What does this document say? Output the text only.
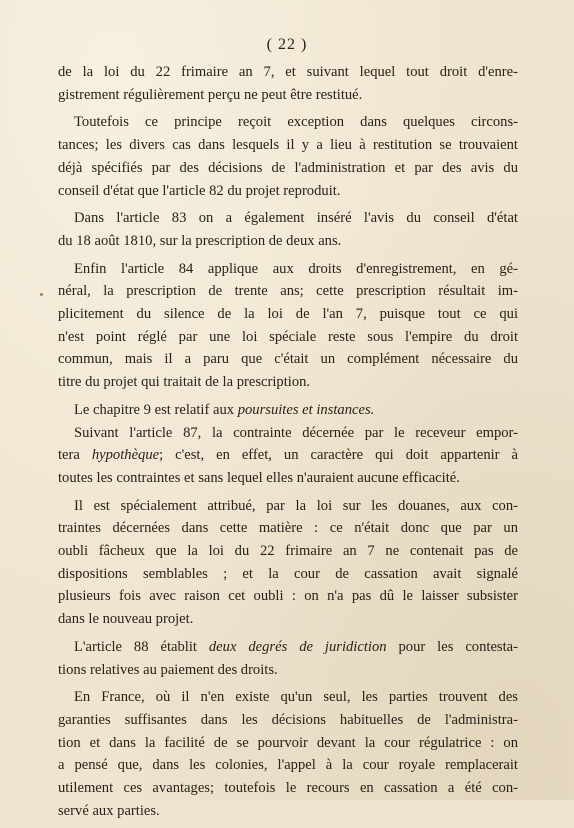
( 22 )

de la loi du 22 frimaire an 7, et suivant lequel tout droit d'enre-
gistrement régulièrement perçu ne peut être restitué.

Toutefois ce principe reçoit exception dans quelques circons-
tances; les divers cas dans lesquels il y a lieu à restitution se trouvaient
déjà spécifiés par des décisions de l'administration et par des avis du
conseil d'état que l'article 82 du projet reproduit.

Dans l'article 83 on a également inséré l'avis du conseil d'état
du 18 août 1810, sur la prescription de deux ans.

Enfin l'article 84 applique aux droits d'enregistrement, en gé-
néral, la prescription de trente ans; cette prescription résultait im-
plicitement du silence de la loi de l'an 7, puisque tout ce qui
n'est point réglé par une loi spéciale reste sous l'empire du droit
commun, mais il a paru que c'était un complément nécessaire du
titre du projet qui traitait de la prescription.

Le chapitre 9 est relatif aux poursuites et instances.
Suivant l'article 87, la contrainte décernée par le receveur empor-
tera hypothèque; c'est, en effet, un caractère qui doit appartenir à
toutes les contraintes et sans lequel elles n'auraient aucune efficacité.

Il est spécialement attribué, par la loi sur les douanes, aux con-
traintes décernées dans cette matière : ce n'était donc que par un
oubli fâcheux que la loi du 22 frimaire an 7 ne contenait pas de
dispositions semblables ; et la cour de cassation avait signalé
plusieurs fois avec raison cet oubli : on n'a pas dû le laisser subsister
dans le nouveau projet.

L'article 88 établit deux degrés de juridiction pour les contesta-
tions relatives au paiement des droits.

En France, où il n'en existe qu'un seul, les parties trouvent des
garanties suffisantes dans les décisions habituelles de l'administra-
tion et dans la facilité de se pourvoir devant la cour régulatrice : on
a pensé que, dans les colonies, l'appel à la cour royale remplacerait
utilement ces avantages; toutefois le recours en cassation a été con-
servé aux parties.
